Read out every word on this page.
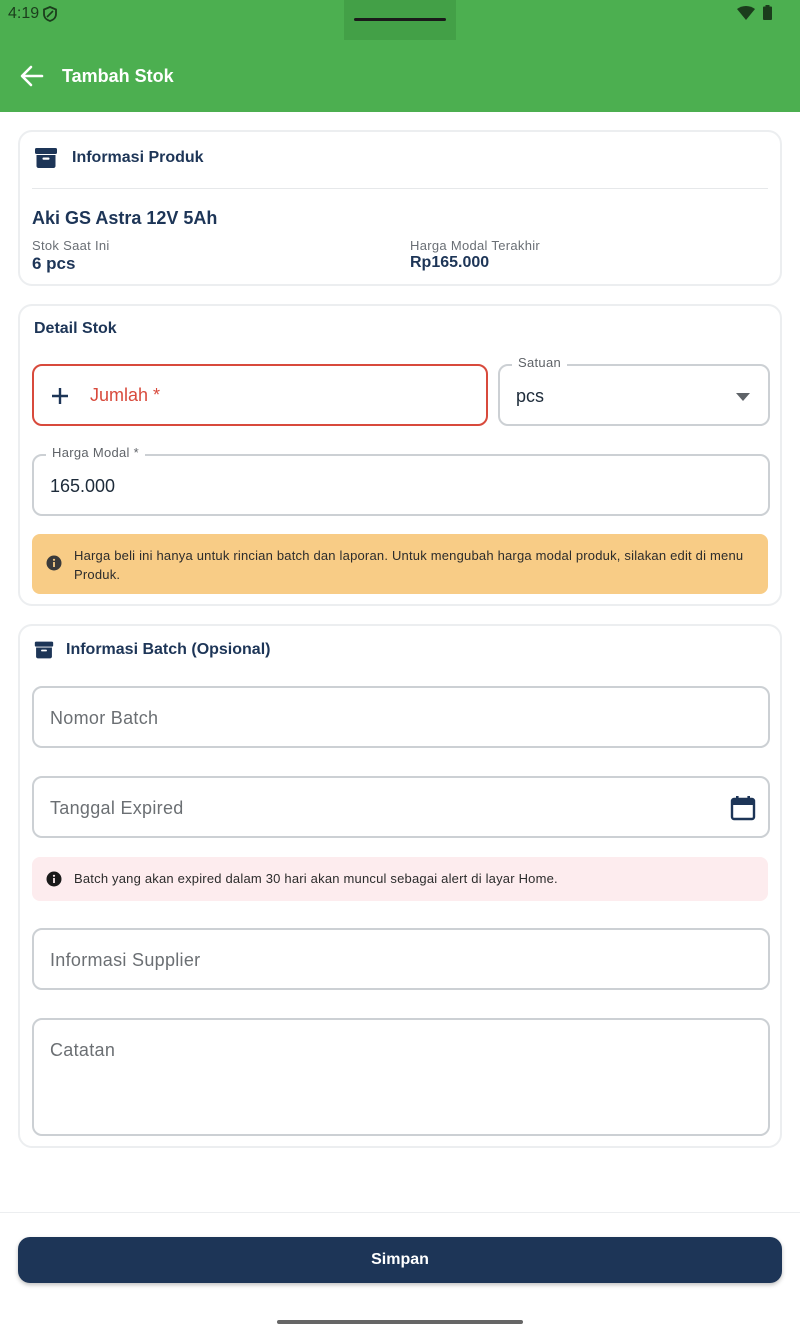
4:19
Tambah Stok
Informasi Produk
Aki GS Astra 12V 5Ah
Stok Saat Ini
6 pcs
Harga Modal Terakhir
Rp165.000
Detail Stok
Jumlah *
Satuan
pcs
Harga Modal *
165.000
Harga beli ini hanya untuk rincian batch dan laporan. Untuk mengubah harga modal produk, silakan edit di menu Produk.
Informasi Batch (Opsional)
Nomor Batch
Tanggal Expired
Batch yang akan expired dalam 30 hari akan muncul sebagai alert di layar Home.
Informasi Supplier
Catatan
Simpan
